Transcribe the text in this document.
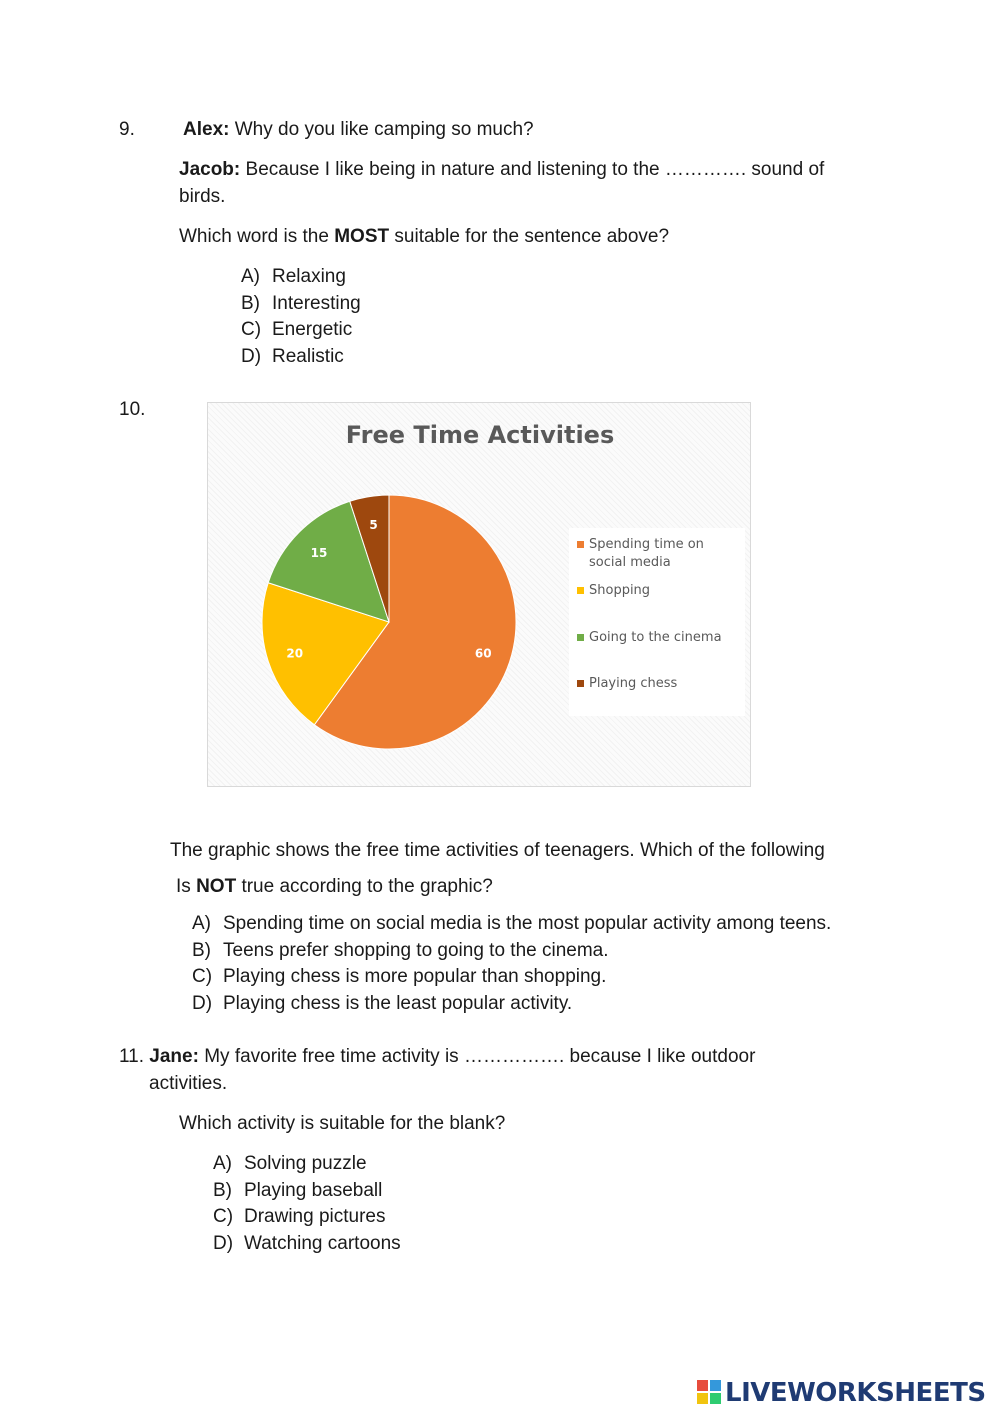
9.	Alex: Why do you like camping so much?
Jacob: Because I like being in nature and listening to the …………. sound of
birds.
Which word is the MOST suitable for the sentence above?
A) Relaxing
B) Interesting
C) Energetic
D) Realistic
10.
Free Time Activities
60
20
15
5
Spending time on social media
Shopping
Going to the cinema
Playing chess
The graphic shows the free time activities of teenagers. Which of the following
Is NOT true according to the graphic?
A) Spending time on social media is the most popular activity among teens.
B) Teens prefer shopping to going to the cinema.
C) Playing chess is more popular than shopping.
D) Playing chess is the least popular activity.
11. Jane: My favorite free time activity is ……………. because I like outdoor
activities.
Which activity is suitable for the blank?
A) Solving puzzle
B) Playing baseball
C) Drawing pictures
D) Watching cartoons
LIVEWORKSHEETS
